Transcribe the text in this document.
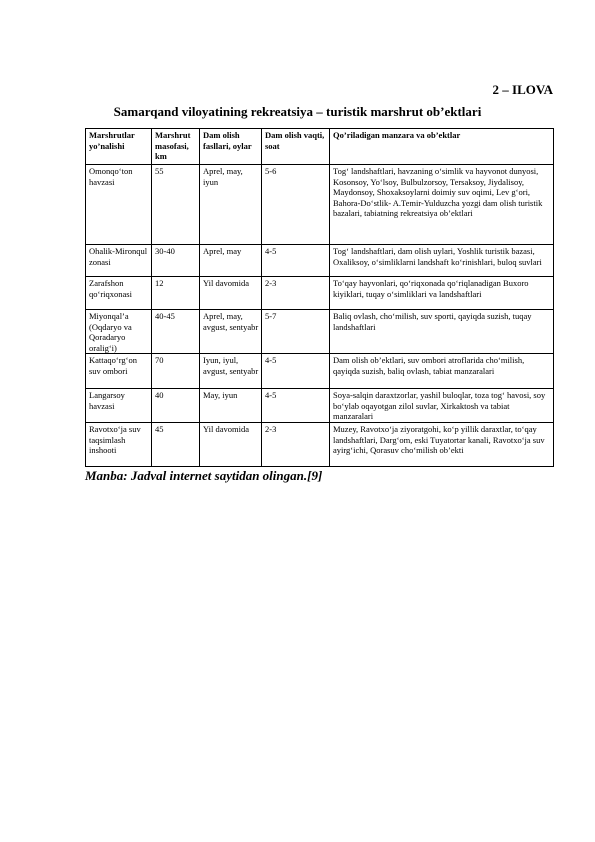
2 – ILOVA
Samarqand viloyatining rekreatsiya – turistik marshrut ob’ektlari
Marshrutlar yo’nalishi	Marshrut masofasi, km	Dam olish fasllari, oylar	Dam olish vaqti, soat	Qo’riladigan manzara va ob’ektlar
Omonqo‘ton havzasi	55	Aprel, may, iyun	5-6	Tog‘ landshaftlari, havzaning o‘simlik va hayvonot dunyosi, Kosonsoy, Yo‘lsoy, Bulbulzorsoy, Tersaksoy, Jiydalisoy, Maydonsoy, Shoxaksoylarni doimiy suv oqimi, Lev g‘ori, Bahora-Do‘stlik- A.Temir-Yulduzcha yozgi dam olish turistik bazalari, tabiatning rekreatsiya ob’ektlari
Ohalik-Mironqul zonasi	30-40	Aprel, may	4-5	Tog‘ landshaftlari, dam olish uylari, Yoshlik turistik bazasi, Oxaliksoy, o‘simliklarni landshaft ko‘rinishlari, buloq suvlari
Zarafshon qo‘riqxonasi	12	Yil davomida	2-3	To‘qay hayvonlari, qo‘riqxonada qo‘riqlanadigan Buxoro kiyiklari, tuqay o‘simliklari va landshaftlari
Miyonqal’a (Oqdaryo va Qoradaryo oralig‘i)	40-45	Aprel, may, avgust, sentyabr	5-7	Baliq ovlash, cho‘milish, suv sporti, qayiqda suzish, tuqay landshaftlari
Kattaqo‘rg‘on suv ombori	70	Iyun, iyul, avgust, sentyabr	4-5	Dam olish ob’ektlari, suv ombori atroflarida cho‘milish, qayiqda suzish, baliq ovlash, tabiat manzaralari
Langarsoy havzasi	40	May, iyun	4-5	Soya-salqin daraxtzorlar, yashil buloqlar, toza tog‘ havosi, soy bo‘ylab oqayotgan zilol suvlar, Xirkaktosh va tabiat manzaralari
Ravotxo‘ja suv taqsimlash inshooti	45	Yil davomida	2-3	Muzey, Ravotxo‘ja ziyoratgohi, ko‘p yillik daraxtlar, to‘qay landshaftlari, Darg‘om, eski Tuyatortar kanali, Ravotxo‘ja suv ayirg‘ichi, Qorasuv cho‘milish ob’ekti
Manba: Jadval internet saytidan olingan.[9]
